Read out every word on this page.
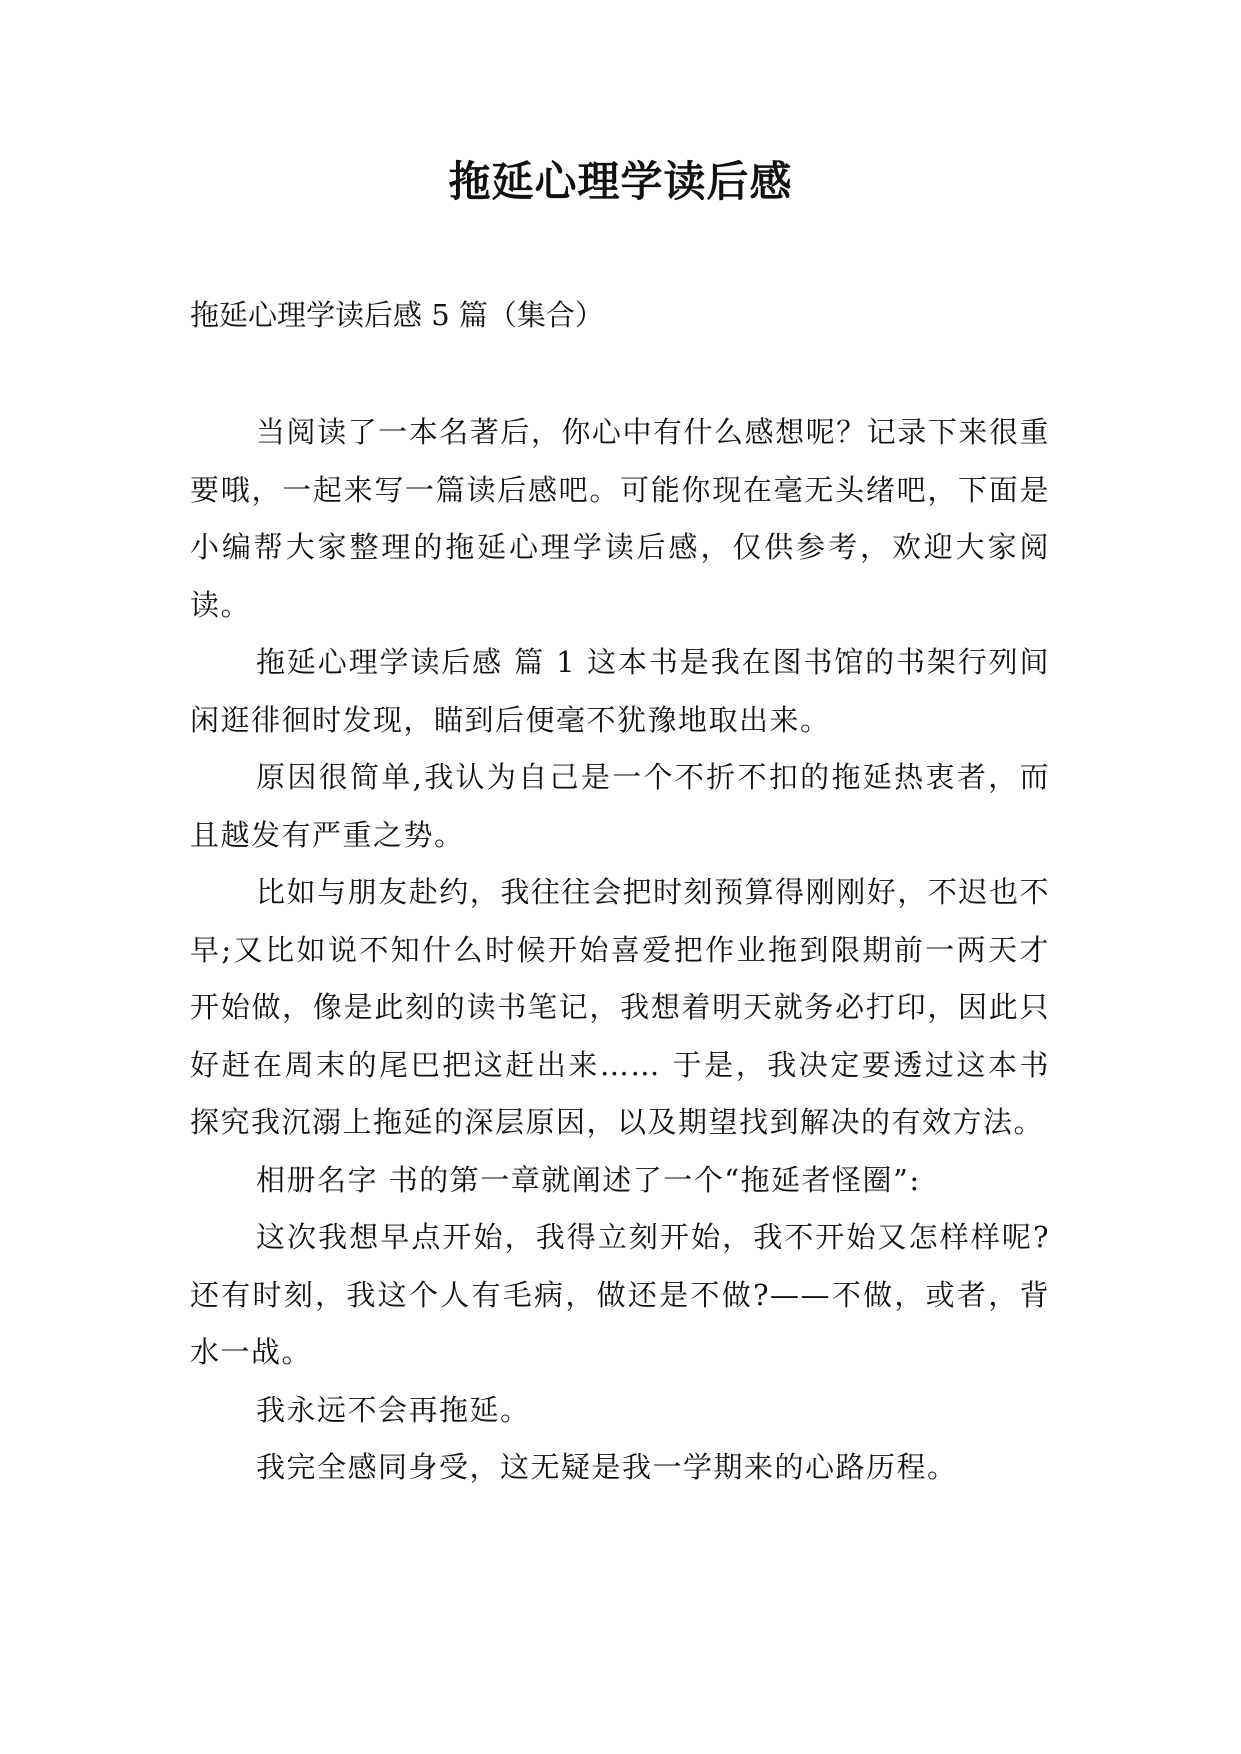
拖延心理学读后感

拖延心理学读后感 5 篇（集合）

当阅读了一本名著后，你心中有什么感想呢？记录下来很重要哦，一起来写一篇读后感吧。可能你现在毫无头绪吧，下面是小编帮大家整理的拖延心理学读后感，仅供参考，欢迎大家阅读。

拖延心理学读后感 篇 1 这本书是我在图书馆的书架行列间闲逛徘徊时发现，瞄到后便毫不犹豫地取出来。

原因很简单,我认为自己是一个不折不扣的拖延热衷者，而且越发有严重之势。

比如与朋友赴约，我往往会把时刻预算得刚刚好，不迟也不早;又比如说不知什么时候开始喜爱把作业拖到限期前一两天才开始做，像是此刻的读书笔记，我想着明天就务必打印，因此只好赶在周末的尾巴把这赶出来…… 于是，我决定要透过这本书探究我沉溺上拖延的深层原因，以及期望找到解决的有效方法。

相册名字 书的第一章就阐述了一个“拖延者怪圈”:

这次我想早点开始，我得立刻开始，我不开始又怎样样呢?还有时刻，我这个人有毛病，做还是不做?——不做，或者，背水一战。

我永远不会再拖延。

我完全感同身受，这无疑是我一学期来的心路历程。
